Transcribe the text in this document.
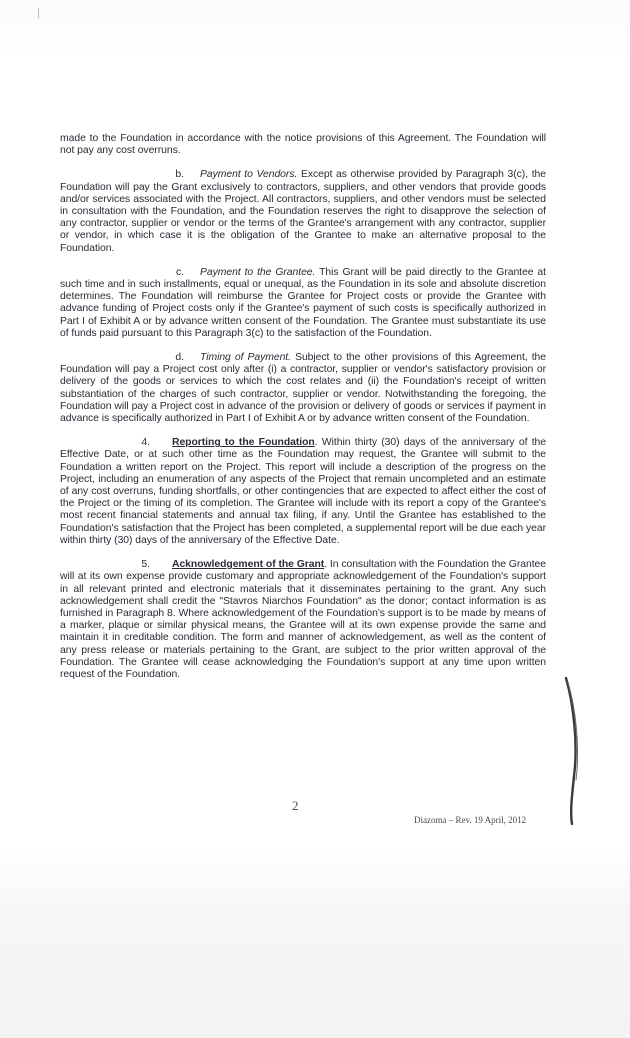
made to the Foundation in accordance with the notice provisions of this Agreement. The Foundation will not pay any cost overruns.

b. Payment to Vendors. Except as otherwise provided by Paragraph 3(c), the Foundation will pay the Grant exclusively to contractors, suppliers, and other vendors that provide goods and/or services associated with the Project. All contractors, suppliers, and other vendors must be selected in consultation with the Foundation, and the Foundation reserves the right to disapprove the selection of any contractor, supplier or vendor or the terms of the Grantee's arrangement with any contractor, supplier or vendor, in which case it is the obligation of the Grantee to make an alternative proposal to the Foundation.

c. Payment to the Grantee. This Grant will be paid directly to the Grantee at such time and in such installments, equal or unequal, as the Foundation in its sole and absolute discretion determines. The Foundation will reimburse the Grantee for Project costs or provide the Grantee with advance funding of Project costs only if the Grantee's payment of such costs is specifically authorized in Part I of Exhibit A or by advance written consent of the Foundation. The Grantee must substantiate its use of funds paid pursuant to this Paragraph 3(c) to the satisfaction of the Foundation.

d. Timing of Payment. Subject to the other provisions of this Agreement, the Foundation will pay a Project cost only after (i) a contractor, supplier or vendor's satisfactory provision or delivery of the goods or services to which the cost relates and (ii) the Foundation's receipt of written substantiation of the charges of such contractor, supplier or vendor. Notwithstanding the foregoing, the Foundation will pay a Project cost in advance of the provision or delivery of goods or services if payment in advance is specifically authorized in Part I of Exhibit A or by advance written consent of the Foundation.

4. Reporting to the Foundation. Within thirty (30) days of the anniversary of the Effective Date, or at such other time as the Foundation may request, the Grantee will submit to the Foundation a written report on the Project. This report will include a description of the progress on the Project, including an enumeration of any aspects of the Project that remain uncompleted and an estimate of any cost overruns, funding shortfalls, or other contingencies that are expected to affect either the cost of the Project or the timing of its completion. The Grantee will include with its report a copy of the Grantee's most recent financial statements and annual tax filing, if any. Until the Grantee has established to the Foundation's satisfaction that the Project has been completed, a supplemental report will be due each year within thirty (30) days of the anniversary of the Effective Date.

5. Acknowledgement of the Grant. In consultation with the Foundation the Grantee will at its own expense provide customary and appropriate acknowledgement of the Foundation's support in all relevant printed and electronic materials that it disseminates pertaining to the grant. Any such acknowledgement shall credit the "Stavros Niarchos Foundation" as the donor; contact information is as furnished in Paragraph 8. Where acknowledgement of the Foundation's support is to be made by means of a marker, plaque or similar physical means, the Grantee will at its own expense provide the same and maintain it in creditable condition. The form and manner of acknowledgement, as well as the content of any press release or materials pertaining to the Grant, are subject to the prior written approval of the Foundation. The Grantee will cease acknowledging the Foundation's support at any time upon written request of the Foundation.

2
Diazoma – Rev. 19 April, 2012
